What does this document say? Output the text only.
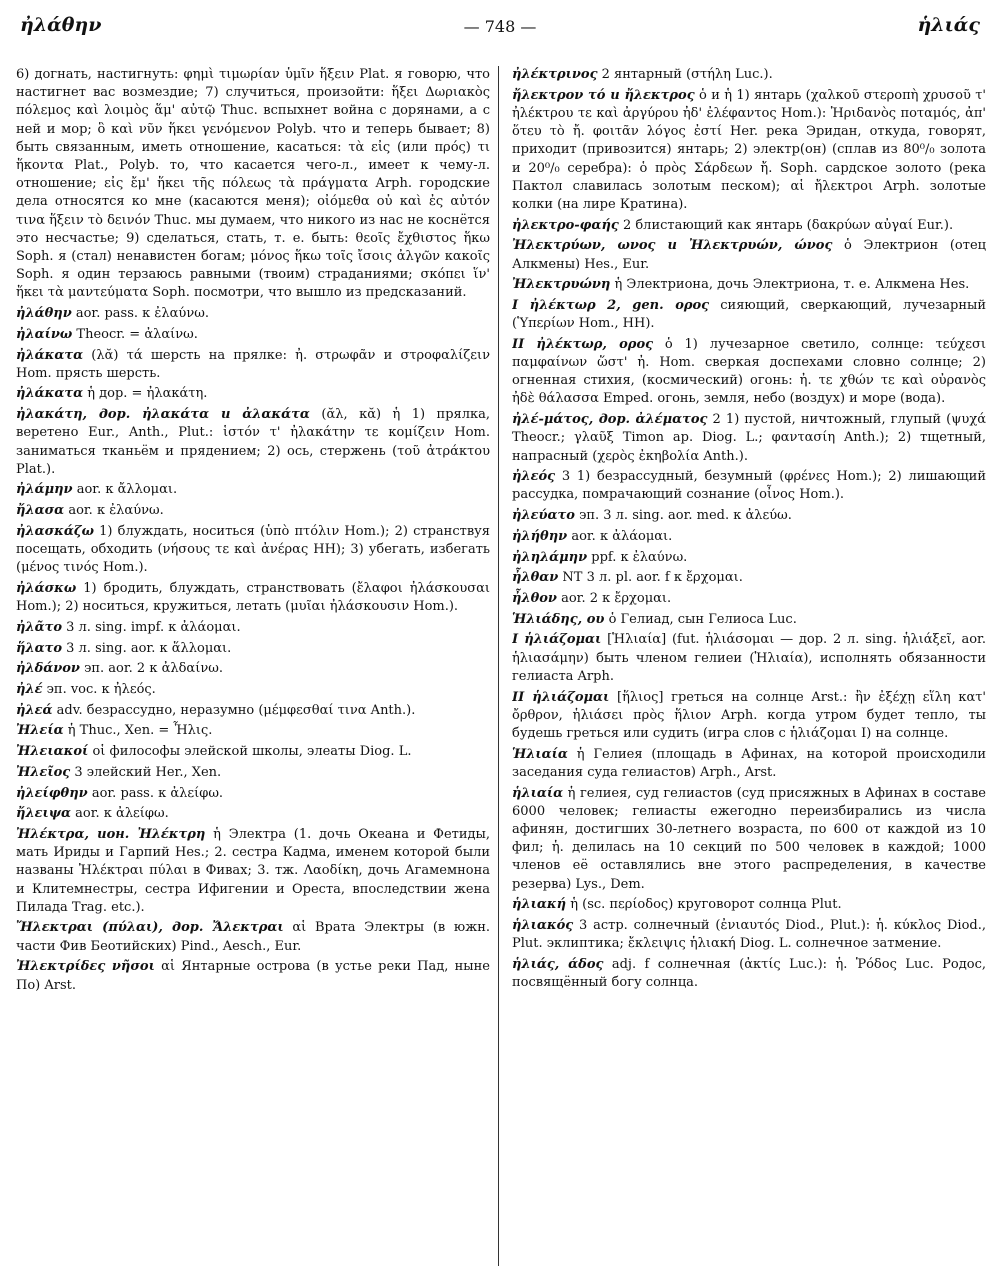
ἠλάθην	— 748 —	ἡλιάς

6) догнать, настигнуть: φημὶ τιμωρίαν ὑμῖν ἥξειν Plat. я говорю, что настигнет вас возмездие; 7) случиться, произойти: ἥξει Δωριακὸς πόλεμος καὶ λοιμὸς ἅμ' αὐτῷ Thuc. вспыхнет война с дорянами, а с ней и мор; ὃ καὶ νῦν ἥκει γενόμενον Polyb. что и теперь бывает; 8) быть связанным, иметь отношение, касаться: τὰ εἰς (или πρός) τι ἥκοντα Plat., Polyb. то, что касается чего-л., имеет к чему-л. отношение; εἰς ἔμ' ἥκει τῆς πόλεως τὰ πράγματα Arph. городские дела относятся ко мне (касаются меня); οἰόμεθα οὐ καὶ ἐς αὐτόν τινα ἥξειν τὸ δεινόν Thuc. мы думаем, что никого из нас не коснётся это несчастье; 9) сделаться, стать, т. е. быть: θεοῖς ἔχθιστος ἥκω Soph. я (стал) ненавистен богам; μόνος ἥκω τοῖς ἴσοις ἀλγῶν κακοῖς Soph. я один терзаюсь равными (твоим) страданиями; σκόπει ἵν' ἥκει τὰ μαντεύματα Soph. посмотри, что вышло из предсказаний.

ἠλάθην aor. pass. к ἐλαύνω.

ἠλαίνω Theocr. = ἀλαίνω.

ἠλάκατα (λᾰ) τά шерсть на прялке: ἠ. στρωφᾶν и στροφαλίζειν Hom. прясть шерсть.

ἠλάκατα ἡ дор. = ἠλακάτη.

ἠλακάτη, дор. ἠλακάτα и ἀλακάτα (ᾰλ, κᾰ) ἡ 1) прялка, веретено Eur., Anth., Plut.: ἱστόν τ' ἠλακάτην τε κομίζειν Hom. заниматься тканьём и прядением; 2) ось, стержень (τοῦ ἀτράκτου Plat.).

ἠλάμην aor. к ἄλλομαι.

ἤλασα aor. к ἐλαύνω.

ἠλασκάζω 1) блуждать, носиться (ὑπὸ πτόλιν Hom.); 2) странствуя посещать, обходить (νήσους τε καὶ ἀνέρας HH); 3) убегать, избегать (μένος τινός Hom.).

ἠλάσκω 1) бродить, блуждать, странствовать (ἔλαφοι ἠλάσκουσαι Hom.); 2) носиться, кружиться, летать (μυῖαι ἠλάσκουσιν Hom.).

ἠλᾶτο 3 л. sing. impf. к ἀλάομαι.

ἥλατο 3 л. sing. aor. к ἅλλομαι.

ἠλδάνον эп. aor. 2 к ἀλδαίνω.

ἠλέ эп. voc. к ἠλεός.

ἠλεά adv. безрассудно, неразумно (μέμφεσθαί τινα Anth.).

Ἠλεία ἡ Thuc., Xen. = Ἦλις.

Ἠλειακοί οἱ философы элейской школы, элеаты Diog. L.

Ἠλεῖος 3 элейский Her., Xen.

ἠλείφθην aor. pass. к ἀλείφω.

ἤλειψα aor. к ἀλείφω.

Ἠλέκτρα, ион. Ἠλέκτρη ἡ Электра (1. дочь Океана и Фетиды, мать Ириды и Гарпий Hes.; 2. сестра Кадма, именем которой были названы Ἠλέκτραι πύλαι в Фивах; 3. тж. Λαοδίκη, дочь Агамемнона и Клитемнестры, сестра Ифигении и Ореста, впоследствии жена Пилада Trag. etc.).

Ἤλεκτραι (πύλαι), дор. Ἄλεκτραι αἱ Врата Электры (в южн. части Фив Беотийских) Pind., Aesch., Eur.

Ἠλεκτρίδες νῆσοι αἱ Янтарные острова (в устье реки Пад, ныне По) Arst.

ἠλέκτρινος 2 янтарный (στήλη Luc.).

ἤλεκτρον τό и ἤλεκτρος ὁ и ἡ 1) янтарь (χαλκοῦ στεροπὴ χρυσοῦ τ' ἠλέκτρου τε καὶ ἀργύρου ἠδ' ἐλέφαντος Hom.): Ἠριδανὸς ποταμός, ἀπ' ὅτευ τὸ ἤ. φοιτᾶν λόγος ἐστί Her. река Эридан, откуда, говорят, приходит (привозится) янтарь; 2) электр(он) (сплав из 80⁰/₀ золота и 20⁰/₀ серебра): ὁ πρὸς Σάρδεων ἤ. Soph. сардское золото (река Пактол славилась золотым песком); αἱ ἤλεκτροι Arph. золотые колки (на лире Кратина).

ἠλεκτρο-φαής 2 блистающий как янтарь (δακρύων αὐγαί Eur.).

Ἠλεκτρύων, ωνος и Ἠλεκτρυών, ώνος ὁ Электрион (отец Алкмены) Hes., Eur.

Ἠλεκτρυώνη ἡ Электриона, дочь Электриона, т. е. Алкмена Hes.

I ἠλέκτωρ 2, gen. ορος сияющий, сверкающий, лучезарный (Ὑπερίων Hom., HH).

II ἠλέκτωρ, ορος ὁ 1) лучезарное светило, солнце: τεύχεσι παμφαίνων ὥστ' ἠ. Hom. сверкая доспехами словно солнце; 2) огненная стихия, (космический) огонь: ἠ. τε χθών τε καὶ οὐρανὸς ἠδὲ θάλασσα Emped. огонь, земля, небо (воздух) и море (вода).

ἠλέ-μάτος, дор. ἀλέματος 2 1) пустой, ничтожный, глупый (ψυχά Theocr.; γλαῦξ Timon ap. Diog. L.; φαντασίη Anth.); 2) тщетный, напрасный (χερὸς ἐκηβολία Anth.).

ἠλεός 3 1) безрассудный, безумный (φρένες Hom.); 2) лишающий рассудка, помрачающий сознание (οἶνος Hom.).

ἠλεύατο эп. 3 л. sing. aor. med. к ἀλεύω.

ἠλήθην aor. к ἀλάομαι.

ἠληλάμην ppf. к ἐλαύνω.

ἦλθαν NT 3 л. pl. aor. f к ἔρχομαι.

ἦλθον aor. 2 к ἔρχομαι.

Ἡλιάδης, ου ὁ Гелиад, сын Гелиоса Luc.

I ἡλιάζομαι [Ἡλιαία] (fut. ἡλιάσομαι — дор. 2 л. sing. ἡλιάξεῖ, aor. ἡλιασάμην) быть членом гелиеи (Ἡλιαία), исполнять обязанности гелиаста Arph.

II ἡλιάζομαι [ἥλιος] греться на солнце Arst.: ἢν ἐξέχῃ εἵλη κατ' ὄρθρον, ἡλιάσει πρὸς ἥλιον Arph. когда утром будет тепло, ты будешь греться или судить (игра слов с ἡλιάζομαι I) на солнце.

Ἡλιαία ἡ Гелиея (площадь в Афинах, на которой происходили заседания суда гелиастов) Arph., Arst.

ἡλιαία ἡ гелиея, суд гелиастов (суд присяжных в Афинах в составе 6000 человек; гелиасты ежегодно переизбирались из числа афинян, достигших 30-летнего возраста, по 600 от каждой из 10 фил; ἡ. делилась на 10 секций по 500 человек в каждой; 1000 членов её оставлялись вне этого распределения, в качестве резерва) Lys., Dem.

ἡλιακή ἡ (sc. περίοδος) круговорот солнца Plut.

ἡλιακός 3 астр. солнечный (ἐνιαυτός Diod., Plut.): ἡ. κύκλος Diod., Plut. эклиптика; ἔκλειψις ἡλιακή Diog. L. солнечное затмение.

ἡλιάς, άδος adj. f солнечная (ἀκτίς Luc.): ἡ. Ῥόδος Luc. Родос, посвящённый богу солнца.
